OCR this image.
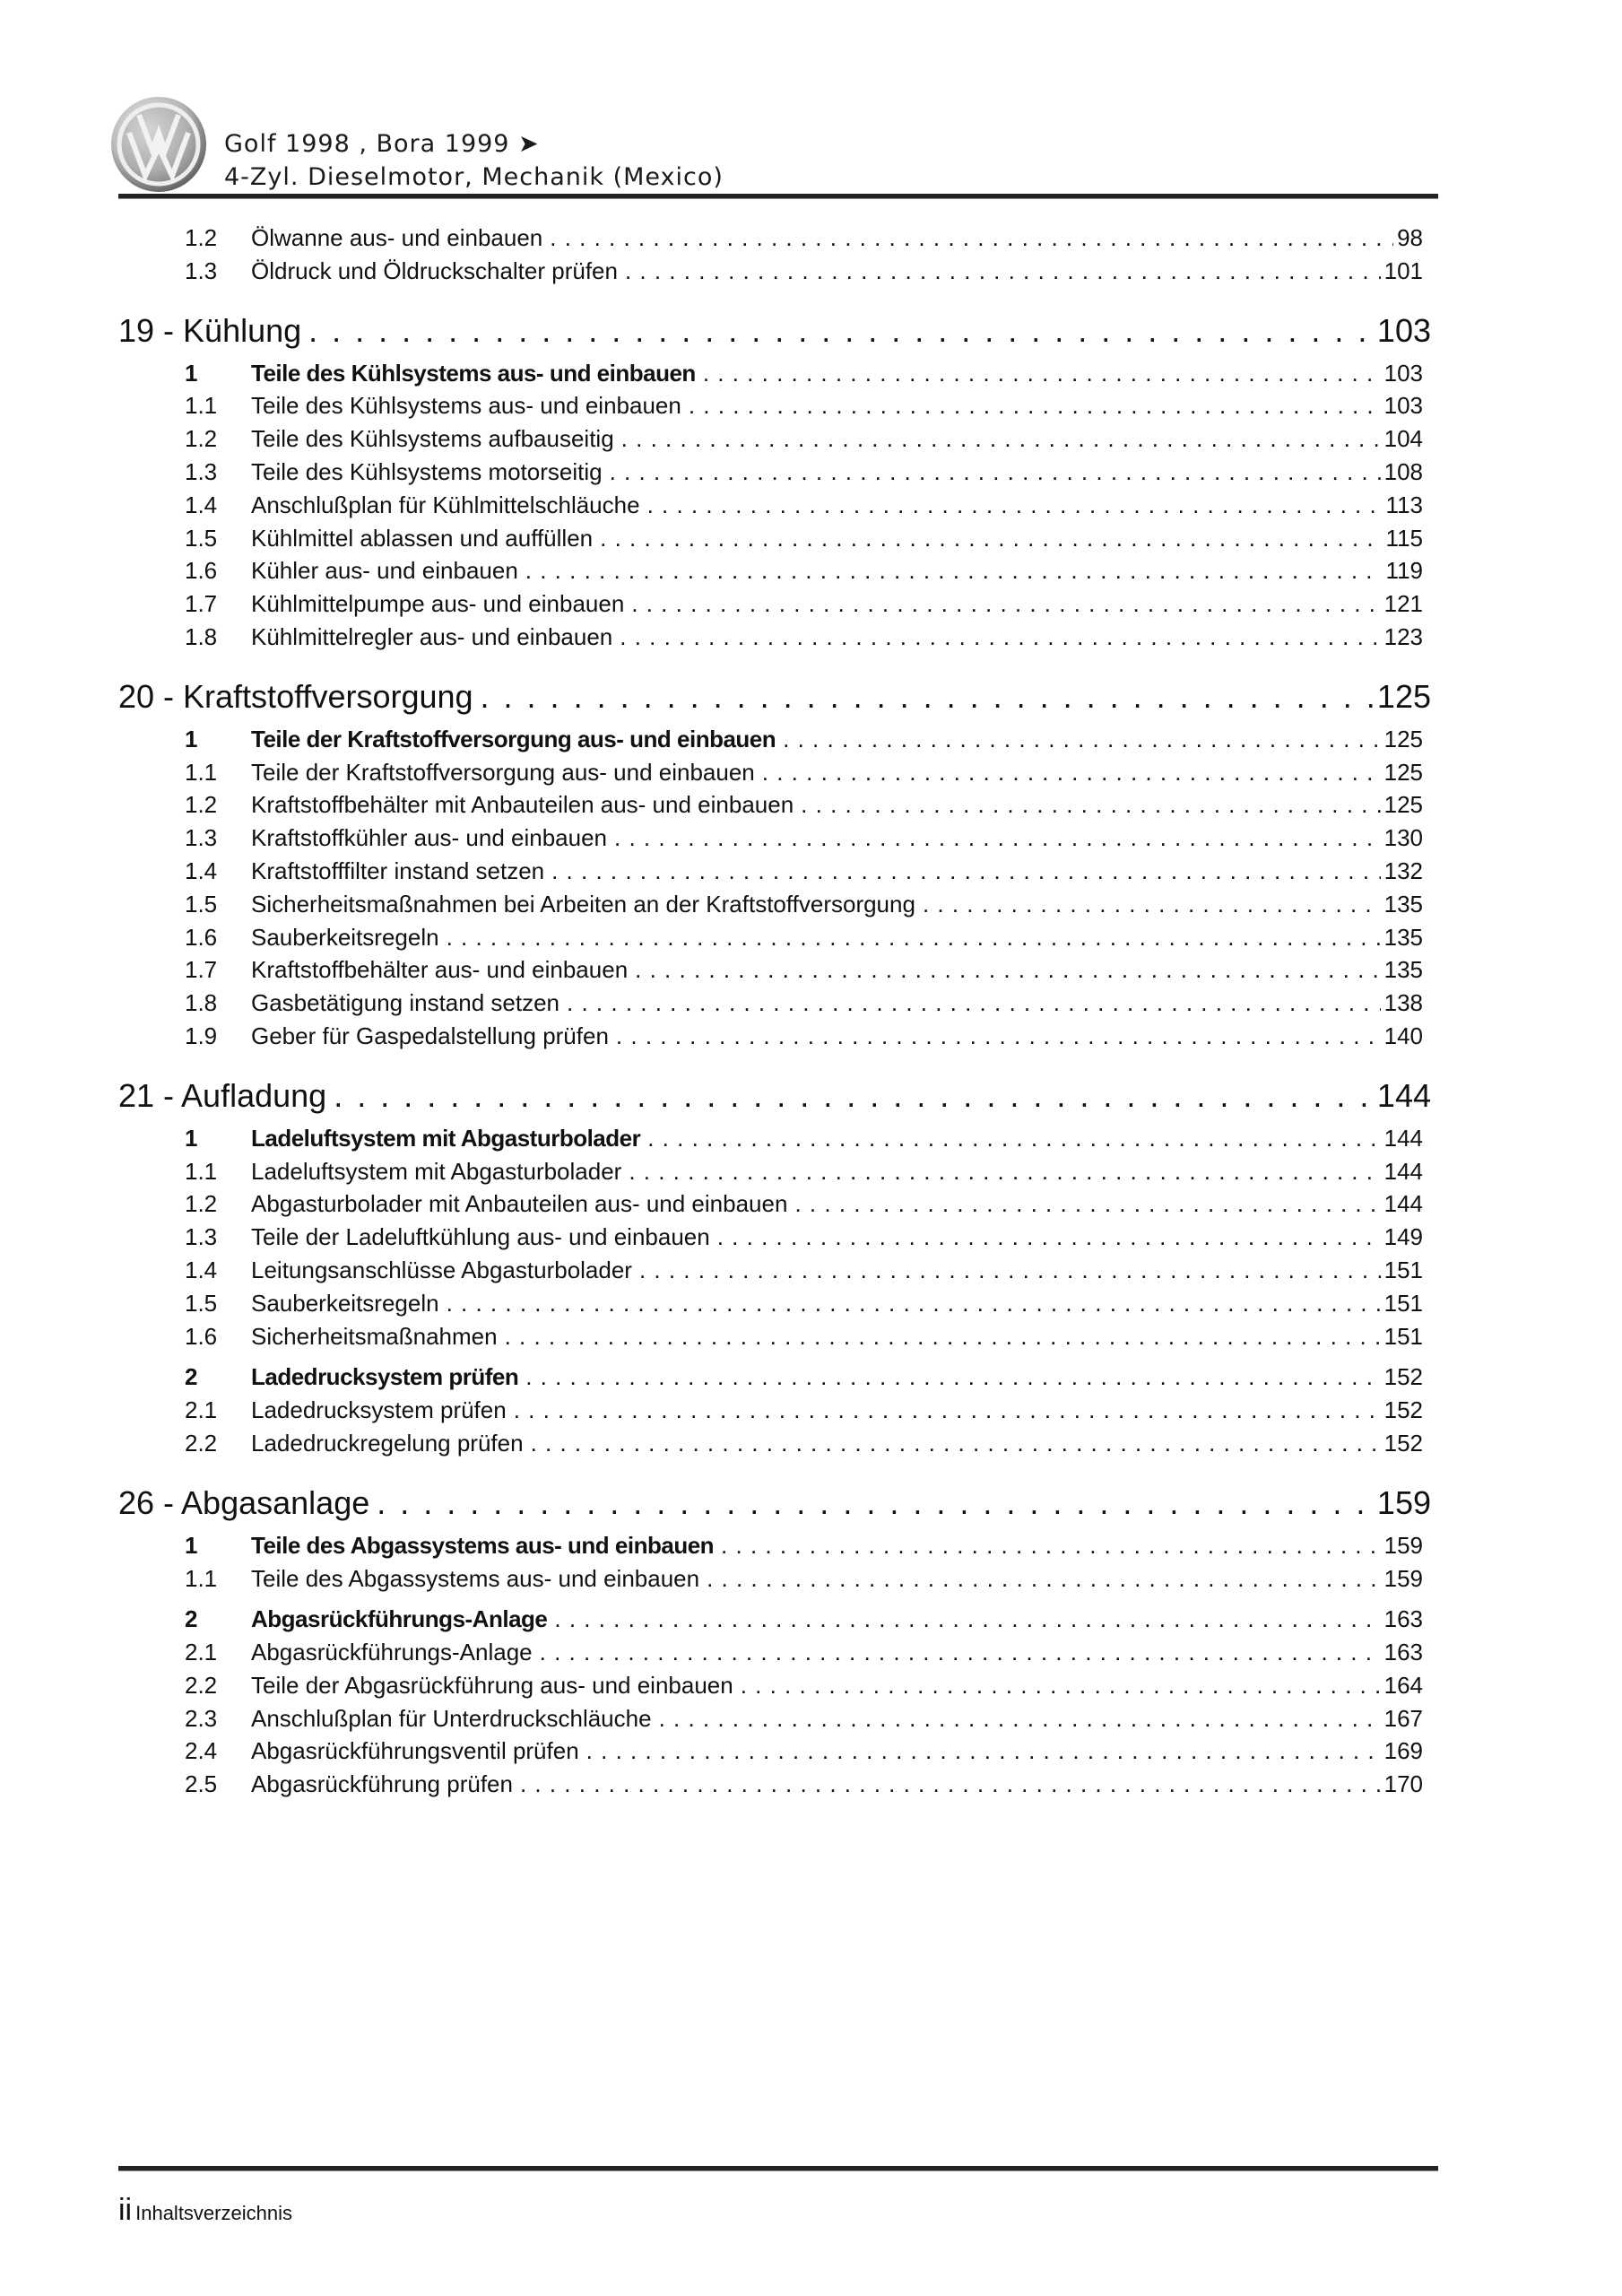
Golf 1998 , Bora 1999 ➤
4-Zyl. Dieselmotor, Mechanik (Mexico)
1.2	Ölwanne aus- und einbauen . . .	98
1.3	Öldruck und Öldruckschalter prüfen . . .	101
19 - Kühlung . . .	103
1	Teile des Kühlsystems aus- und einbauen . . .	103
1.1	Teile des Kühlsystems aus- und einbauen . . .	103
1.2	Teile des Kühlsystems aufbauseitig . . .	104
1.3	Teile des Kühlsystems motorseitig . . .	108
1.4	Anschlußplan für Kühlmittelschläuche . . .	113
1.5	Kühlmittel ablassen und auffüllen . . .	115
1.6	Kühler aus- und einbauen . . .	119
1.7	Kühlmittelpumpe aus- und einbauen . . .	121
1.8	Kühlmittelregler aus- und einbauen . . .	123
20 - Kraftstoffversorgung . . .	125
1	Teile der Kraftstoffversorgung aus- und einbauen . . .	125
1.1	Teile der Kraftstoffversorgung aus- und einbauen . . .	125
1.2	Kraftstoffbehälter mit Anbauteilen aus- und einbauen . . .	125
1.3	Kraftstoffkühler aus- und einbauen . . .	130
1.4	Kraftstofffilter instand setzen . . .	132
1.5	Sicherheitsmaßnahmen bei Arbeiten an der Kraftstoffversorgung . . .	135
1.6	Sauberkeitsregeln . . .	135
1.7	Kraftstoffbehälter aus- und einbauen . . .	135
1.8	Gasbetätigung instand setzen . . .	138
1.9	Geber für Gaspedalstellung prüfen . . .	140
21 - Aufladung . . .	144
1	Ladeluftsystem mit Abgasturbolader . . .	144
1.1	Ladeluftsystem mit Abgasturbolader . . .	144
1.2	Abgasturbolader mit Anbauteilen aus- und einbauen . . .	144
1.3	Teile der Ladeluftkühlung aus- und einbauen . . .	149
1.4	Leitungsanschlüsse Abgasturbolader . . .	151
1.5	Sauberkeitsregeln . . .	151
1.6	Sicherheitsmaßnahmen . . .	151
2	Ladedrucksystem prüfen . . .	152
2.1	Ladedrucksystem prüfen . . .	152
2.2	Ladedruckregelung prüfen . . .	152
26 - Abgasanlage . . .	159
1	Teile des Abgassystems aus- und einbauen . . .	159
1.1	Teile des Abgassystems aus- und einbauen . . .	159
2	Abgasrückführungs-Anlage . . .	163
2.1	Abgasrückführungs-Anlage . . .	163
2.2	Teile der Abgasrückführung aus- und einbauen . . .	164
2.3	Anschlußplan für Unterdruckschläuche . . .	167
2.4	Abgasrückführungsventil prüfen . . .	169
2.5	Abgasrückführung prüfen . . .	170
ii Inhaltsverzeichnis
